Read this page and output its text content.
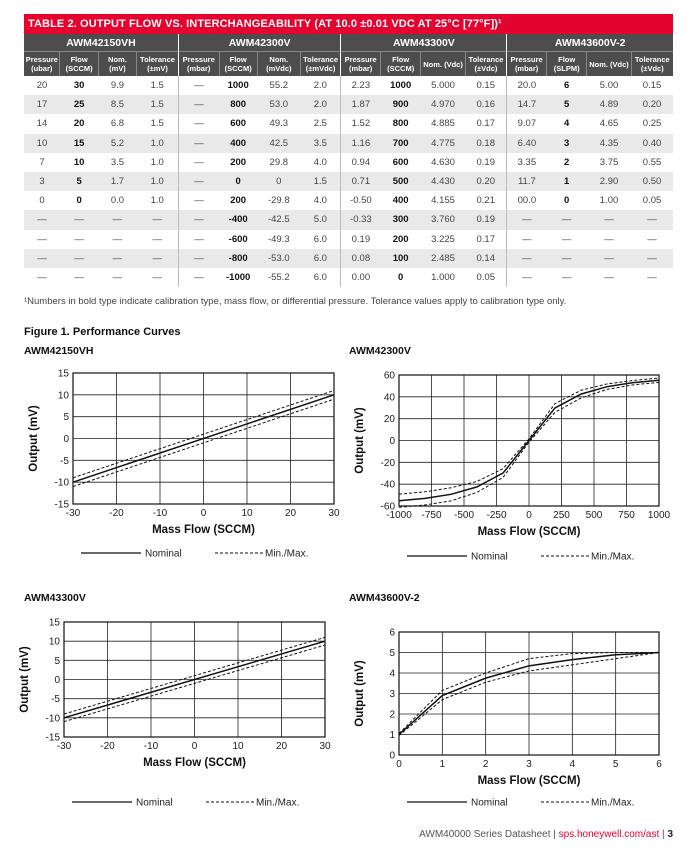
TABLE 2. OUTPUT FLOW VS. INTERCHANGEABILITY (AT 10.0 ±0.01 VDC AT 25°C [77°F])¹
AWM42150VH				AWM42300V				AWM43300V				AWM43600V-2			
Pressure (ubar)	Flow (SCCM)	Nom. (mV)	Tolerance (±mV)	Pressure (mbar)	Flow (SCCM)	Nom. (mVdc)	Tolerance (±mVdc)	Pressure (mbar)	Flow (SCCM)	Nom. (Vdc)	Tolerance (±Vdc)	Pressure (mbar)	Flow (SLPM)	Nom. (Vdc)	Tolerance (±Vdc)
20	30	9.9	1.5	—	1000	55.2	2.0	2.23	1000	5.000	0.15	20.0	6	5.00	0.15
17	25	8.5	1.5	—	800	53.0	2.0	1.87	900	4.970	0.16	14.7	5	4.89	0.20
14	20	6.8	1.5	—	600	49.3	2.5	1.52	800	4.885	0.17	9.07	4	4.65	0.25
10	15	5.2	1.0	—	400	42.5	3.5	1.16	700	4.775	0.18	6.40	3	4.35	0.40
7	10	3.5	1.0	—	200	29.8	4.0	0.94	600	4.630	0.19	3.35	2	3.75	0.55
3	5	1.7	1.0	—	0	0	1.5	0.71	500	4.430	0.20	11.7	1	2.90	0.50
0	0	0.0	1.0	—	200	-29.8	4.0	-0.50	400	4.155	0.21	00.0	0	1.00	0.05
—	—	—	—	—	-400	-42.5	5.0	-0.33	300	3.760	0.19	—	—	—	—
—	—	—	—	—	-600	-49.3	6.0	0.19	200	3.225	0.17	—	—	—	—
—	—	—	—	—	-800	-53.0	6.0	0.08	100	2.485	0.14	—	—	—	—
—	—	—	—	—	-1000	-55.2	6.0	0.00	0	1.000	0.05	—	—	—	—
¹Numbers in bold type indicate calibration type, mass flow, or differential pressure. Tolerance values apply to calibration type only.
Figure 1. Performance Curves
AWM42150VH	AWM42300V
AWM43300V	AWM43600V-2
-30	-20	-10	0	10	20	30
-15
-10
-5
0
5
10
15
Mass Flow (SCCM)
Output (mV)
Nominal	Min./Max.
-1000 -750 -500 -250 0 250 500 750 1000
-60
-40
-20
0
20
40
60
Mass Flow (SCCM)
Output (mV)
Nominal	Min./Max.
-30	-20	-10	0	10	20	30
-15
-10
-5
0
5
10
15
Mass Flow (SCCM)
Output (mV)
Nominal	Min./Max.
0	1	2	3	4	5	6
0
1
2
3
4
5
6
Mass Flow (SCCM)
Output (mV)
Nominal	Min./Max.
AWM40000 Series Datasheet | sps.honeywell.com/ast | 3
